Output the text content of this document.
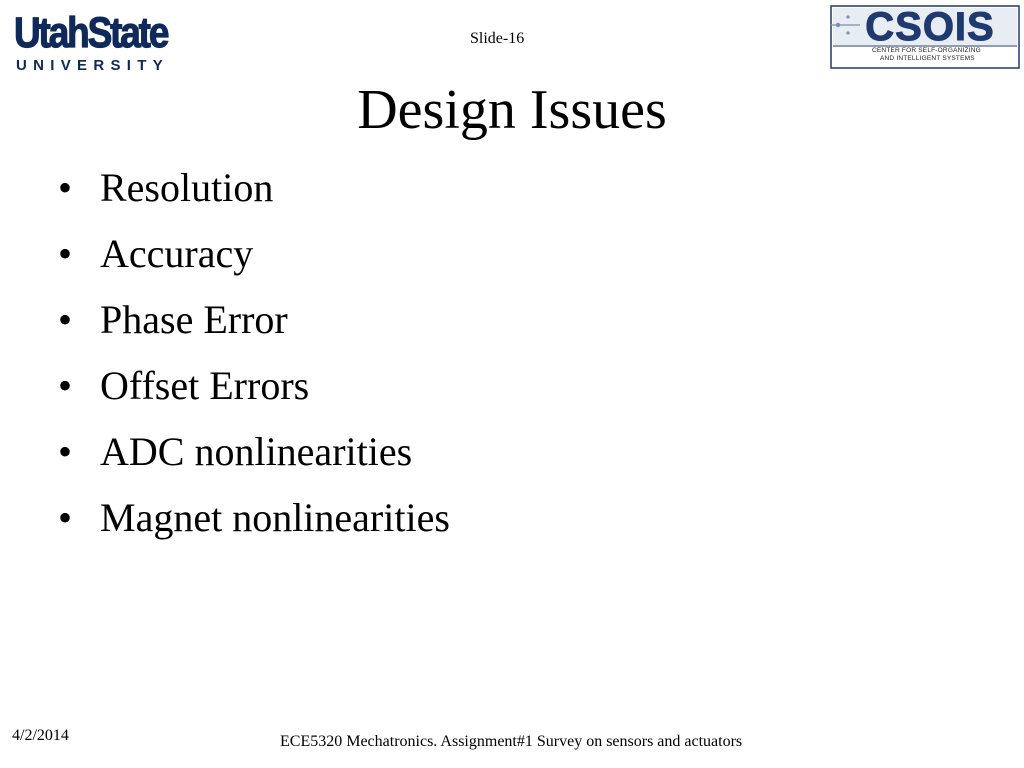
UtahState
UNIVERSITY
Slide-16	CSOIS
CENTER FOR SELF-ORGANIZING
AND INTELLIGENT SYSTEMS
Design Issues
• Resolution
• Accuracy
• Phase Error
• Offset Errors
• ADC nonlinearities
• Magnet nonlinearities
4/2/2014	ECE5320 Mechatronics. Assignment#1 Survey on sensors and actuators
